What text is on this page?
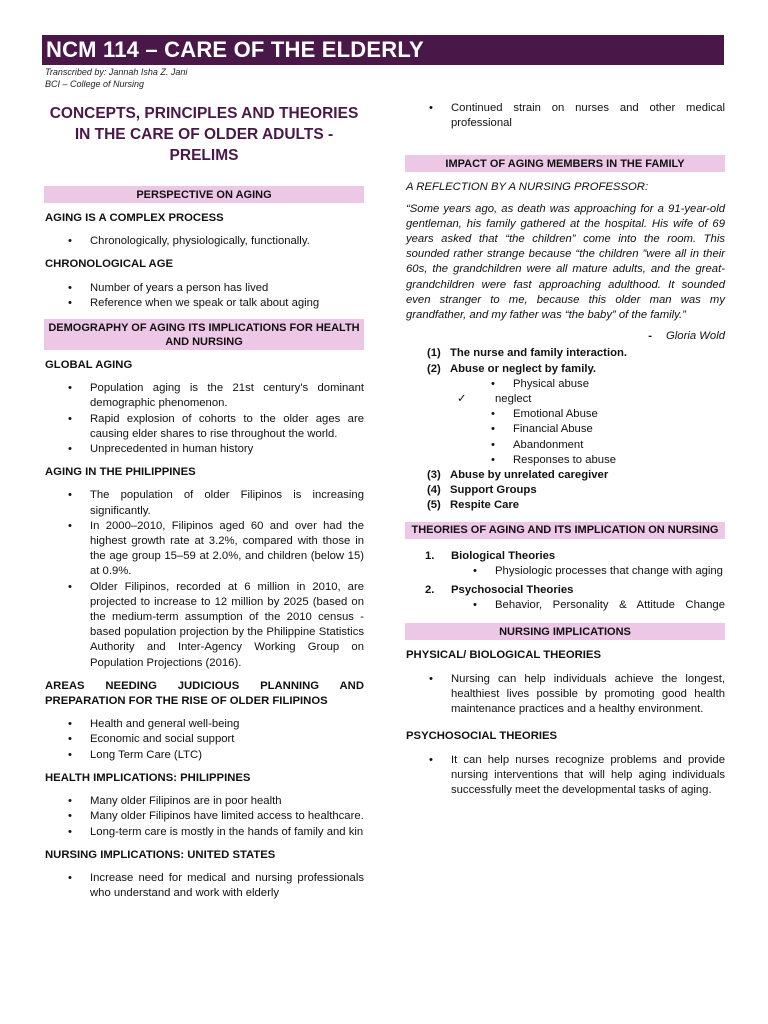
NCM 114 – CARE OF THE ELDERLY
Transcribed by: Jannah Isha Z. Jani
BCI – College of Nursing
CONCEPTS, PRINCIPLES AND THEORIES IN THE CARE OF OLDER ADULTS - PRELIMS
PERSPECTIVE ON AGING
AGING IS A COMPLEX PROCESS
• Chronologically, physiologically, functionally.
CHRONOLOGICAL AGE
• Number of years a person has lived
• Reference when we speak or talk about aging
DEMOGRAPHY OF AGING ITS IMPLICATIONS FOR HEALTH AND NURSING
GLOBAL AGING
• Population aging is the 21st century's dominant demographic phenomenon.
• Rapid explosion of cohorts to the older ages are causing elder shares to rise throughout the world.
• Unprecedented in human history
AGING IN THE PHILIPPINES
• The population of older Filipinos is increasing significantly.
• In 2000–2010, Filipinos aged 60 and over had the highest growth rate at 3.2%, compared with those in the age group 15–59 at 2.0%, and children (below 15) at 0.9%.
• Older Filipinos, recorded at 6 million in 2010, are projected to increase to 12 million by 2025 (based on the medium-term assumption of the 2010 census - based population projection by the Philippine Statistics Authority and Inter-Agency Working Group on Population Projections (2016).
AREAS NEEDING JUDICIOUS PLANNING AND PREPARATION FOR THE RISE OF OLDER FILIPINOS
• Health and general well-being
• Economic and social support
• Long Term Care (LTC)
HEALTH IMPLICATIONS: PHILIPPINES
• Many older Filipinos are in poor health
• Many older Filipinos have limited access to healthcare.
• Long-term care is mostly in the hands of family and kin
NURSING IMPLICATIONS: UNITED STATES
• Increase need for medical and nursing professionals who understand and work with elderly
• Continued strain on nurses and other medical professional
IMPACT OF AGING MEMBERS IN THE FAMILY
A REFLECTION BY A NURSING PROFESSOR:
“Some years ago, as death was approaching for a 91-year-old gentleman, his family gathered at the hospital. His wife of 69 years asked that “the children” come into the room. This sounded rather strange because “the children ”were all in their 60s, the grandchildren were all mature adults, and the great-grandchildren were fast approaching adulthood. It sounded even stranger to me, because this older man was my grandfather, and my father was “the baby” of the family.”
- Gloria Wold
(1) The nurse and family interaction.
(2) Abuse or neglect by family.
• Physical abuse
✓ neglect
• Emotional Abuse
• Financial Abuse
• Abandonment
• Responses to abuse
(3) Abuse by unrelated caregiver
(4) Support Groups
(5) Respite Care
THEORIES OF AGING AND ITS IMPLICATION ON NURSING
1. Biological Theories
• Physiologic processes that change with aging
2. Psychosocial Theories
• Behavior, Personality & Attitude Change
NURSING IMPLICATIONS
PHYSICAL/ BIOLOGICAL THEORIES
• Nursing can help individuals achieve the longest, healthiest lives possible by promoting good health maintenance practices and a healthy environment.
PSYCHOSOCIAL THEORIES
• It can help nurses recognize problems and provide nursing interventions that will help aging individuals successfully meet the developmental tasks of aging.
